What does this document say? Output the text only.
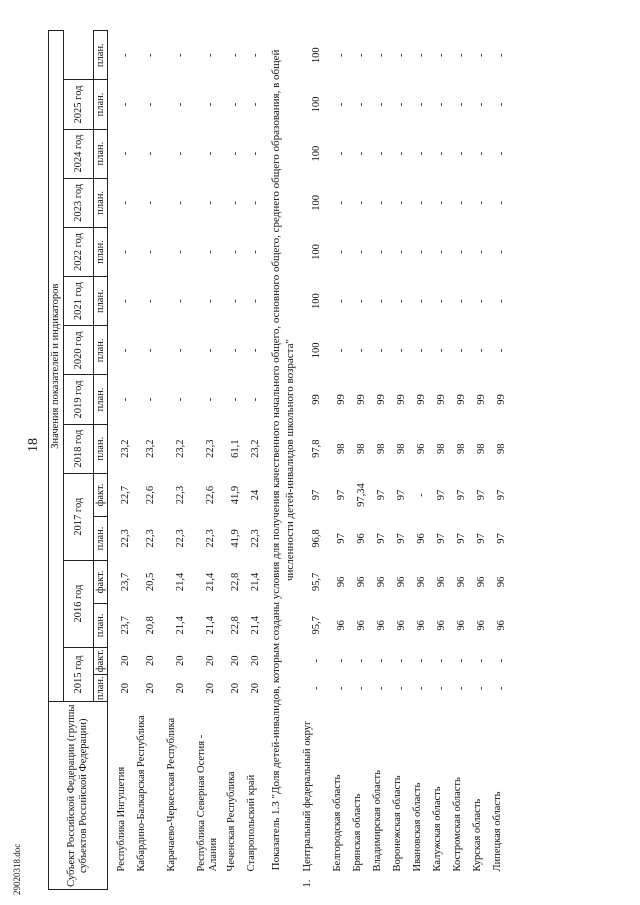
18
29020318.doc	Субъект Российской Федерации (группы субъектов Российской Федерации)		Значения показателей и индикаторов														
		2015 год		2016 год		2017 год		2018 год	2019 год	2020 год	2021 год	2022 год	2023 год	2024 год	2025 год	
		план.	факт.	план.	факт.	план.	факт.	план.	план.	план.	план.	план.	план.	план.	план.	план.

	Республика Ингушетия	20	20	23,7	23,7	22,3	22,7	23,2	-	-	-	-	-	-	-	-
	Кабардино-Балкарская Республика	20	20	20,8	20,5	22,3	22,6	23,2	-	-	-	-	-	-	-	-
	Карачаево-Черкесская Республика	20	20	21,4	21,4	22,3	22,3	23,2	-	-	-	-	-	-	-	-
	Республика Северная Осетия - Алания	20	20	21,4	21,4	22,3	22,6	22,3	-	-	-	-	-	-	-	-
	Чеченская Республика	20	20	22,8	22,8	41,9	41,9	61,1	-	-	-	-	-	-	-	-
	Ставропольский край	20	20	21,4	21,4	22,3	24	23,2	-	-	-	-	-	-	-	-
Показатель 1.3 "Доля детей-инвалидов, которым созданы условия для получения качественного начального общего, основного общего, среднего общего образования, в общей численности детей-инвалидов школьного возраста"																
1.	Центральный федеральный округ	-	-	95,7	95,7	96,8	97	97,8	99	100	100	100	100	100	100	100
	Белгородская область	-	-	96	96	97	97	98	99	-	-	-	-	-	-	-
	Брянская область	-	-	96	96	96	97,34	98	99	-	-	-	-	-	-	-
	Владимирская область	-	-	96	96	97	97	98	99	-	-	-	-	-	-	-
	Воронежская область	-	-	96	96	97	97	98	99	-	-	-	-	-	-	-
	Ивановская область	-	-	96	96	96	-	96	99	-	-	-	-	-	-	-
	Калужская область	-	-	96	96	97	97	98	99	-	-	-	-	-	-	-
	Костромская область	-	-	96	96	97	97	98	99	-	-	-	-	-	-	-
	Курская область	-	-	96	96	97	97	98	99	-	-	-	-	-	-	-
	Липецкая область	-	-	96	96	97	97	98	99	-	-	-	-	-	-	-
